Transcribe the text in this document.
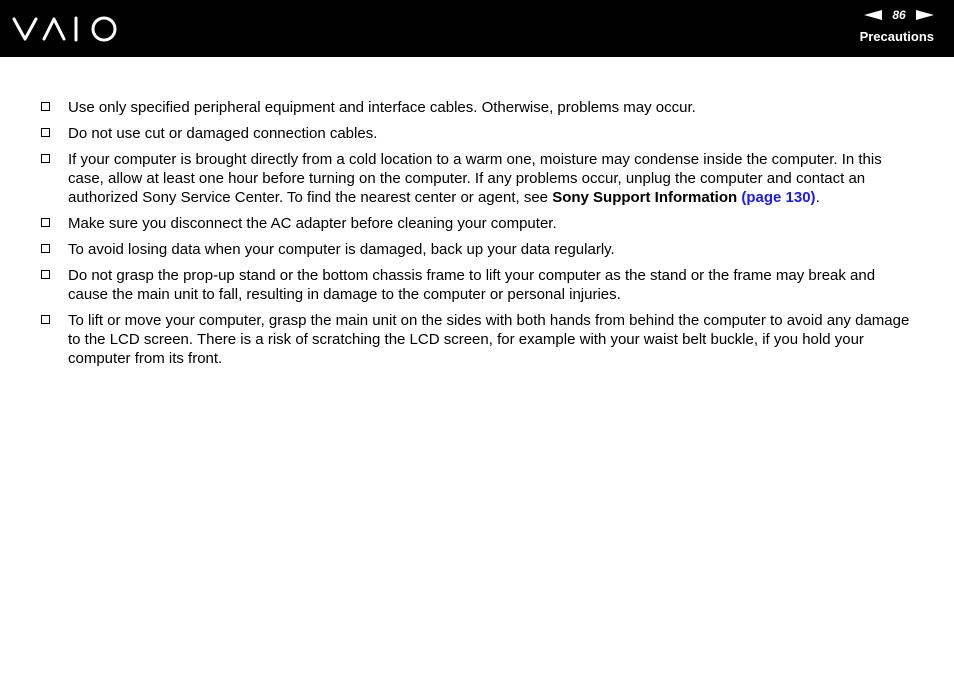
86
Precautions
Use only specified peripheral equipment and interface cables. Otherwise, problems may occur.
Do not use cut or damaged connection cables.
If your computer is brought directly from a cold location to a warm one, moisture may condense inside the computer. In this case, allow at least one hour before turning on the computer. If any problems occur, unplug the computer and contact an authorized Sony Service Center. To find the nearest center or agent, see Sony Support Information (page 130).
Make sure you disconnect the AC adapter before cleaning your computer.
To avoid losing data when your computer is damaged, back up your data regularly.
Do not grasp the prop-up stand or the bottom chassis frame to lift your computer as the stand or the frame may break and cause the main unit to fall, resulting in damage to the computer or personal injuries.
To lift or move your computer, grasp the main unit on the sides with both hands from behind the computer to avoid any damage to the LCD screen. There is a risk of scratching the LCD screen, for example with your waist belt buckle, if you hold your computer from its front.
